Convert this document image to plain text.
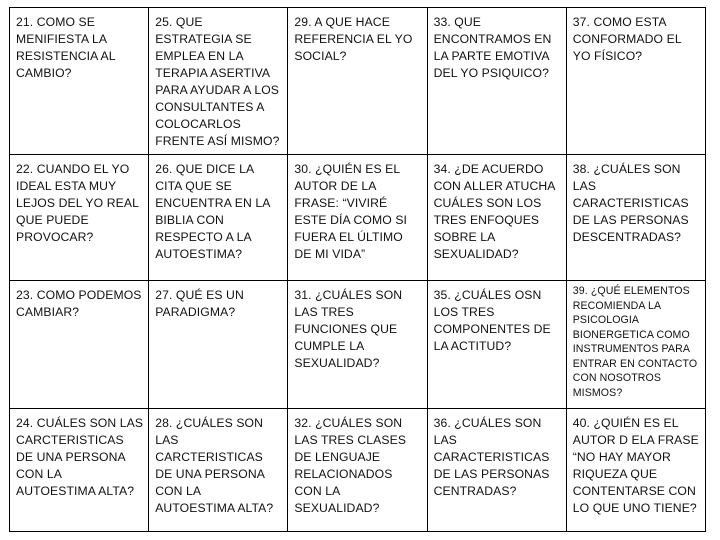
21. COMO SE MENIFIESTA LA RESISTENCIA AL CAMBIO?	25. QUE ESTRATEGIA SE EMPLEA EN LA TERAPIA ASERTIVA PARA AYUDAR A LOS CONSULTANTES A COLOCARLOS FRENTE ASÍ MISMO?	29. A QUE HACE REFERENCIA EL YO SOCIAL?	33. QUE ENCONTRAMOS EN LA PARTE EMOTIVA DEL YO PSIQUICO?	37. COMO ESTA CONFORMADO EL YO FÍSICO?
22. CUANDO EL YO IDEAL ESTA MUY LEJOS DEL YO REAL QUE PUEDE PROVOCAR?	26. QUE DICE LA CITA QUE SE ENCUENTRA EN LA BIBLIA CON RESPECTO A LA AUTOESTIMA?	30. ¿QUIÉN ES EL AUTOR DE LA FRASE: “VIVIRÉ ESTE DÍA COMO SI FUERA EL ÚLTIMO DE MI VIDA”	34. ¿DE ACUERDO CON ALLER ATUCHA CUÁLES SON LOS TRES ENFOQUES SOBRE LA SEXUALIDAD?	38. ¿CUÁLES SON LAS CARACTERISTICAS DE LAS PERSONAS DESCENTRADAS?
23. COMO PODEMOS CAMBIAR?	27. QUÉ ES UN PARADIGMA?	31. ¿CUÁLES SON LAS TRES FUNCIONES QUE CUMPLE LA SEXUALIDAD?	35. ¿CUÁLES OSN LOS TRES COMPONENTES DE LA ACTITUD?	39. ¿QUÉ ELEMENTOS RECOMIENDA LA PSICOLOGIA BIONERGETICA COMO INSTRUMENTOS PARA ENTRAR EN CONTACTO CON NOSOTROS MISMOS?
24. CUÁLES SON LAS CARCTERISTICAS DE UNA PERSONA CON LA AUTOESTIMA ALTA?	28. ¿CUÁLES SON LAS CARCTERISTICAS DE UNA PERSONA CON LA AUTOESTIMA ALTA?	32. ¿CUÁLES SON LAS TRES CLASES DE LENGUAJE RELACIONADOS CON LA SEXUALIDAD?	36. ¿CUÁLES SON LAS CARACTERISTICAS DE LAS PERSONAS CENTRADAS?	40. ¿QUIÉN ES EL AUTOR D ELA FRASE “NO HAY MAYOR RIQUEZA QUE CONTENTARSE CON LO QUE UNO TIENE?
